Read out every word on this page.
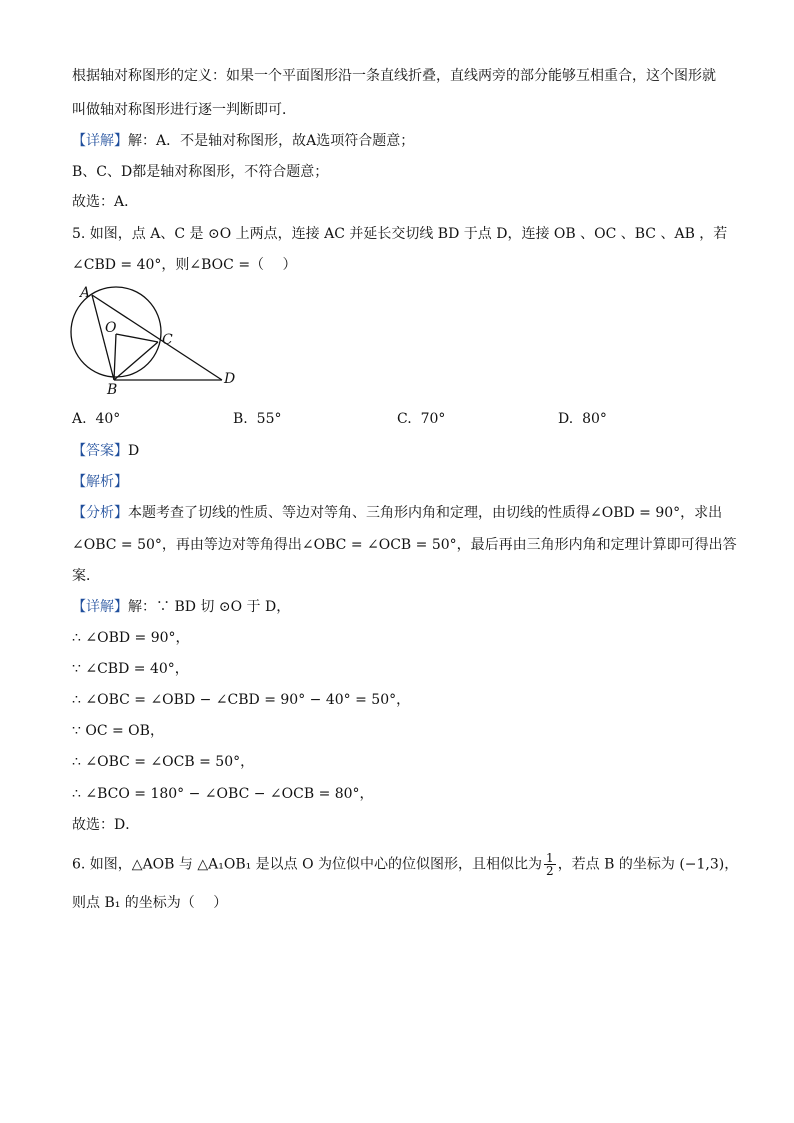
根据轴对称图形的定义：如果一个平面图形沿一条直线折叠，直线两旁的部分能够互相重合，这个图形就
叫做轴对称图形进行逐一判断即可．
【详解】解：A．不是轴对称图形，故A选项符合题意；
B、C、D都是轴对称图形，不符合题意；
故选：A．
5. 如图，点 A、C 是 ⊙O 上两点，连接 AC 并延长交切线 BD 于点 D，连接 OB 、OC 、BC 、AB ，若
∠CBD = 40°，则∠BOC =（　 ）
A
O
C
B
D
A. 40°	B. 55°	C. 70°	D. 80°
【答案】D
【解析】
【分析】本题考查了切线的性质、等边对等角、三角形内角和定理，由切线的性质得∠OBD = 90°，求出
∠OBC = 50°，再由等边对等角得出∠OBC = ∠OCB = 50°，最后再由三角形内角和定理计算即可得出答
案．
【详解】解：∵ BD 切 ⊙O 于 D，
∴ ∠OBD = 90°，
∵ ∠CBD = 40°，
∴ ∠OBC = ∠OBD − ∠CBD = 90° − 40° = 50°，
∵ OC = OB，
∴ ∠OBC = ∠OCB = 50°，
∴ ∠BCO = 180° − ∠OBC − ∠OCB = 80°，
故选：D．
6. 如图，△AOB 与 △A₁OB₁ 是以点 O 为位似中心的位似图形，且相似比为 $\frac{1}{2}$ ，若点 B 的坐标为 (−1,3)，
则点 B₁ 的坐标为（　 ）
